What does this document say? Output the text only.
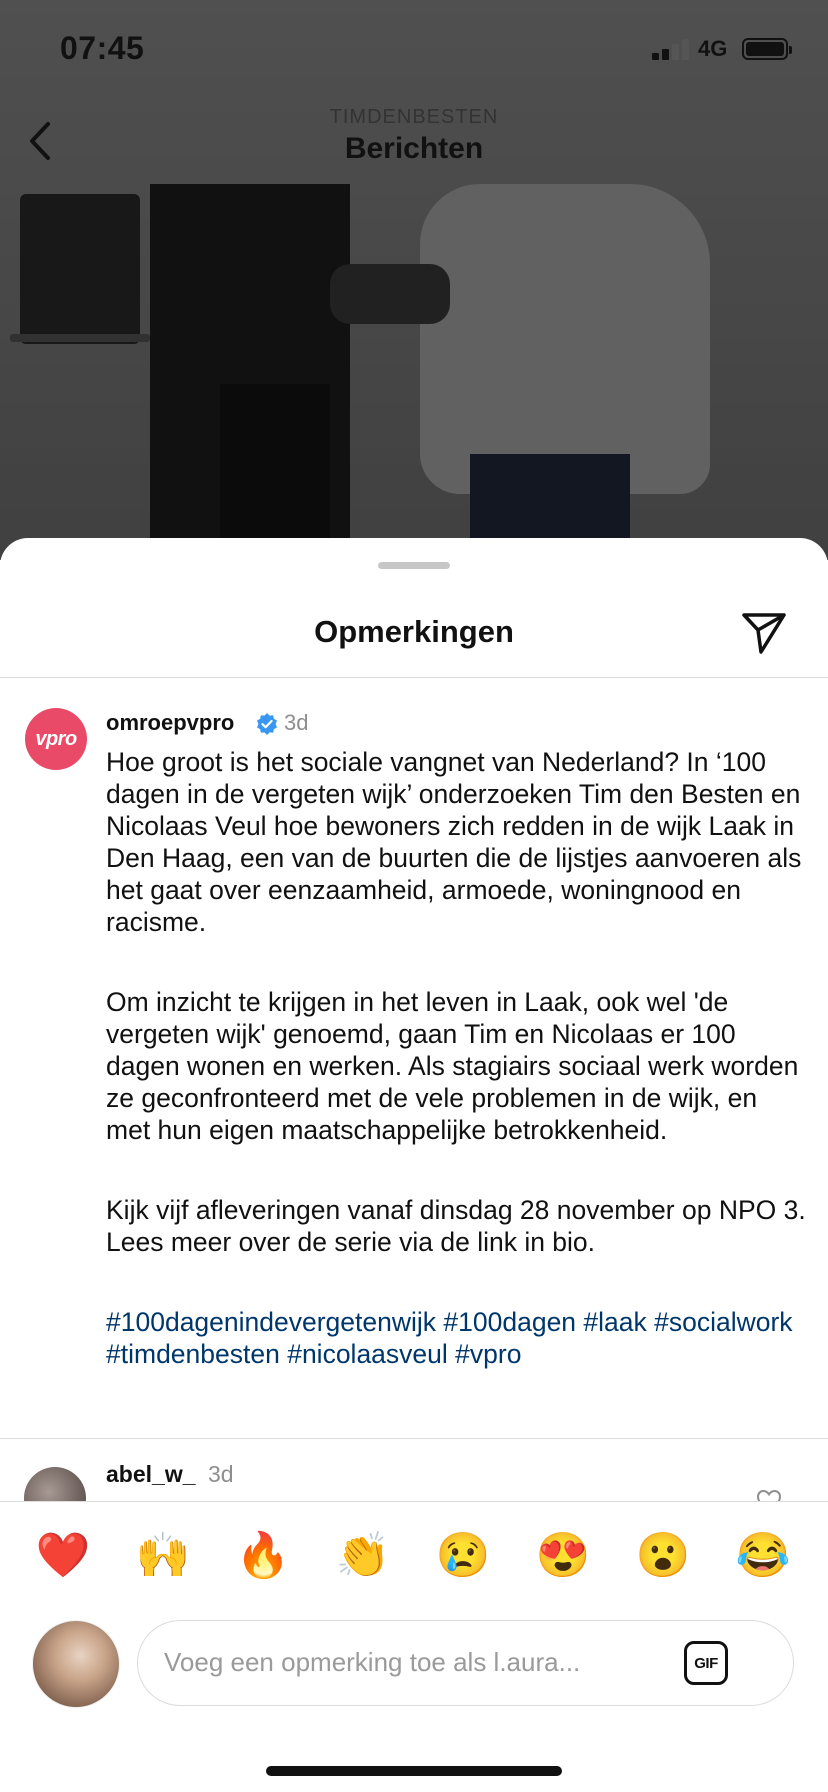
07:45	4G
TIMDENBESTEN
Berichten
Opmerkingen
vpro
omroepvpro 3d

Hoe groot is het sociale vangnet van Nederland? In ‘100 dagen in de vergeten wijk’ onderzoeken Tim den Besten en Nicolaas Veul hoe bewoners zich redden in de wijk Laak in Den Haag, een van de buurten die de lijstjes aanvoeren als het gaat over eenzaamheid, armoede, woningnood en racisme.

Om inzicht te krijgen in het leven in Laak, ook wel 'de vergeten wijk' genoemd, gaan Tim en Nicolaas er 100 dagen wonen en werken. Als stagiairs sociaal werk worden ze geconfronteerd met de vele problemen in de wijk, en met hun eigen maatschappelijke betrokkenheid.

Kijk vijf afleveringen vanaf dinsdag 28 november op NPO 3. Lees meer over de serie via de link in bio.

#100dagenindevergetenwijk #100dagen #laak #socialwork #timdenbesten #nicolaasveul #vpro

abel_w_ 3d
❤️ 🙌 🔥 👏 😢 😍 😮 😂
Voeg een opmerking toe als l.aura...	GIF
